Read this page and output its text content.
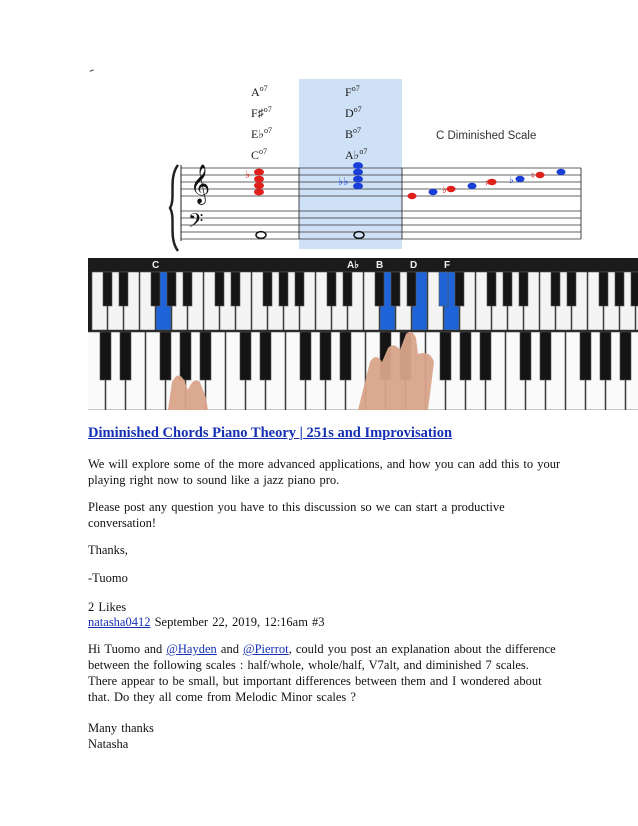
$A^{o7}$
F♯$^{o7}$
E♭$^{o7}$
$C^{o7}$
$F^{o7}$
$D^{o7}$
$B^{o7}$
A♭$^{o7}$
C Diminished Scale
𝄞
𝄢
♭
♭♭
♭
♯ ♭ ♮
C	A♭ B	D	F
Diminished Chords Piano Theory | 251s and Improvisation
We will explore some of the more advanced applications, and how you can add this to your
playing right now to sound like a jazz piano pro.
Please post any question you have to this discussion so we can start a productive
conversation!
Thanks,
-Tuomo
2 Likes
natasha0412 September 22, 2019, 12:16am #3
Hi Tuomo and @Hayden and @Pierrot, could you post an explanation about the difference
between the following scales : half/whole, whole/half, V7alt, and diminished 7 scales.
There appear to be small, but important differences between them and I wondered about
that. Do they all come from Melodic Minor scales ?
Many thanks
Natasha
